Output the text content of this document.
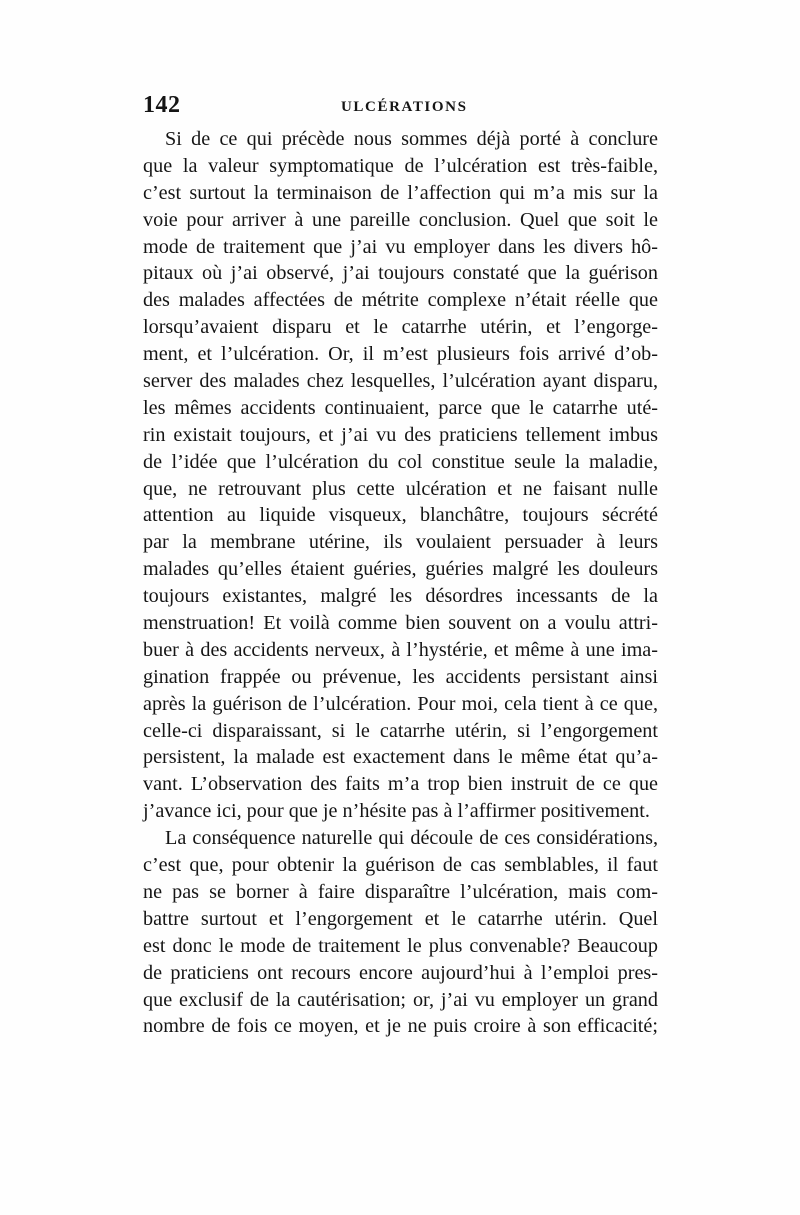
142	ULCÉRATIONS
Si de ce qui précède nous sommes déjà porté à conclure
que la valeur symptomatique de l’ulcération est très-faible,
c’est surtout la terminaison de l’affection qui m’a mis sur la
voie pour arriver à une pareille conclusion. Quel que soit le
mode de traitement que j’ai vu employer dans les divers hô-
pitaux où j’ai observé, j’ai toujours constaté que la guérison
des malades affectées de métrite complexe n’était réelle que
lorsqu’avaient disparu et le catarrhe utérin, et l’engorge-
ment, et l’ulcération. Or, il m’est plusieurs fois arrivé d’ob-
server des malades chez lesquelles, l’ulcération ayant disparu,
les mêmes accidents continuaient, parce que le catarrhe uté-
rin existait toujours, et j’ai vu des praticiens tellement imbus
de l’idée que l’ulcération du col constitue seule la maladie,
que, ne retrouvant plus cette ulcération et ne faisant nulle
attention au liquide visqueux, blanchâtre, toujours sécrété
par la membrane utérine, ils voulaient persuader à leurs
malades qu’elles étaient guéries, guéries malgré les douleurs
toujours existantes, malgré les désordres incessants de la
menstruation! Et voilà comme bien souvent on a voulu attri-
buer à des accidents nerveux, à l’hystérie, et même à une ima-
gination frappée ou prévenue, les accidents persistant ainsi
après la guérison de l’ulcération. Pour moi, cela tient à ce que,
celle-ci disparaissant, si le catarrhe utérin, si l’engorgement
persistent, la malade est exactement dans le même état qu’a-
vant. L’observation des faits m’a trop bien instruit de ce que
j’avance ici, pour que je n’hésite pas à l’affirmer positivement.
La conséquence naturelle qui découle de ces considérations,
c’est que, pour obtenir la guérison de cas semblables, il faut
ne pas se borner à faire disparaître l’ulcération, mais com-
battre surtout et l’engorgement et le catarrhe utérin. Quel
est donc le mode de traitement le plus convenable? Beaucoup
de praticiens ont recours encore aujourd’hui à l’emploi pres-
que exclusif de la cautérisation; or, j’ai vu employer un grand
nombre de fois ce moyen, et je ne puis croire à son efficacité;
